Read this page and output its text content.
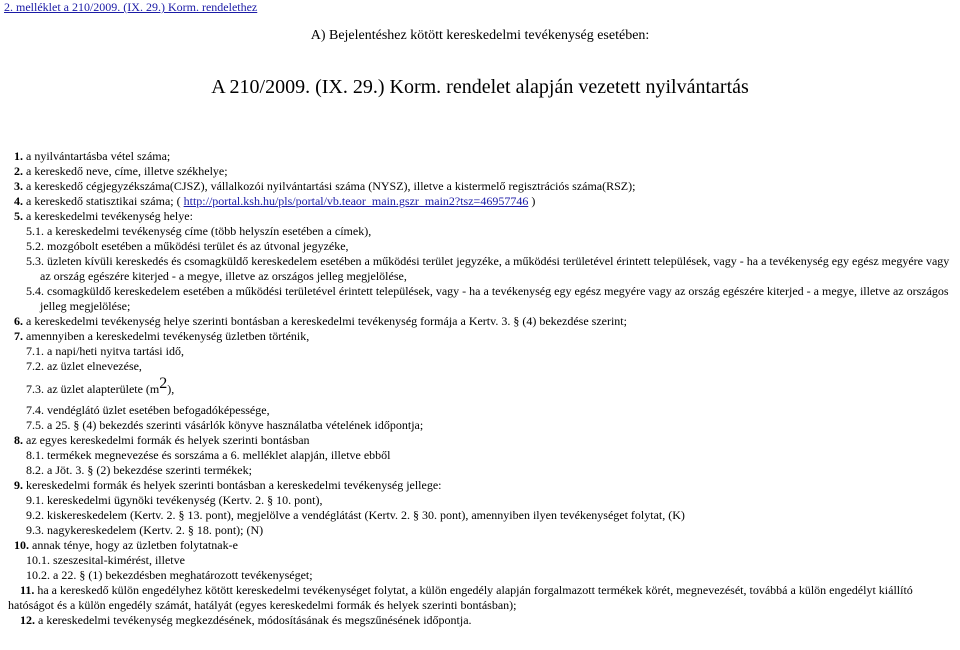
2. melléklet a 210/2009. (IX. 29.) Korm. rendelethez
A) Bejelentéshez kötött kereskedelmi tevékenység esetében:
A 210/2009. (IX. 29.) Korm. rendelet alapján vezetett nyilvántartás
1. a nyilvántartásba vétel száma;
2. a kereskedő neve, címe, illetve székhelye;
3. a kereskedő cégjegyzékszáma(CJSZ), vállalkozói nyilvántartási száma (NYSZ), illetve a kistermelő regisztrációs száma(RSZ);
4. a kereskedő statisztikai száma; ( http://portal.ksh.hu/pls/portal/vb.teaor_main.gszr_main2?tsz=46957746 )
5. a kereskedelmi tevékenység helye:
5.1. a kereskedelmi tevékenység címe (több helyszín esetében a címek),
5.2. mozgóbolt esetében a működési terület és az útvonal jegyzéke,
5.3. üzleten kívüli kereskedés és csomagküldő kereskedelem esetében a működési terület jegyzéke, a működési területével érintett települések, vagy - ha a tevékenység egy egész megyére vagy az ország egészére kiterjed - a megye, illetve az országos jelleg megjelölése,
5.4. csomagküldő kereskedelem esetében a működési területével érintett települések, vagy - ha a tevékenység egy egész megyére vagy az ország egészére kiterjed - a megye, illetve az országos jelleg megjelölése;
6. a kereskedelmi tevékenység helye szerinti bontásban a kereskedelmi tevékenység formája a Kertv. 3. § (4) bekezdése szerint;
7. amennyiben a kereskedelmi tevékenység üzletben történik,
7.1. a napi/heti nyitva tartási idő,
7.2. az üzlet elnevezése,
7.3. az üzlet alapterülete (m2),
7.4. vendéglátó üzlet esetében befogadóképessége,
7.5. a 25. § (4) bekezdés szerinti vásárlók könyve használatba vételének időpontja;
8. az egyes kereskedelmi formák és helyek szerinti bontásban
8.1. termékek megnevezése és sorszáma a 6. melléklet alapján, illetve ebből
8.2. a Jöt. 3. § (2) bekezdése szerinti termékek;
9. kereskedelmi formák és helyek szerinti bontásban a kereskedelmi tevékenység jellege:
9.1. kereskedelmi ügynöki tevékenység (Kertv. 2. § 10. pont),
9.2. kiskereskedelem (Kertv. 2. § 13. pont), megjelölve a vendéglátást (Kertv. 2. § 30. pont), amennyiben ilyen tevékenységet folytat, (K)
9.3. nagykereskedelem (Kertv. 2. § 18. pont); (N)
10. annak ténye, hogy az üzletben folytatnak-e
10.1. szeszesital-kimérést, illetve
10.2. a 22. § (1) bekezdésben meghatározott tevékenységet;
11. ha a kereskedő külön engedélyhez kötött kereskedelmi tevékenységet folytat, a külön engedély alapján forgalmazott termékek körét, megnevezését, továbbá a külön engedélyt kiállító hatóságot és a külön engedély számát, hatályát (egyes kereskedelmi formák és helyek szerinti bontásban);
12. a kereskedelmi tevékenység megkezdésének, módosításának és megszűnésének időpontja.
